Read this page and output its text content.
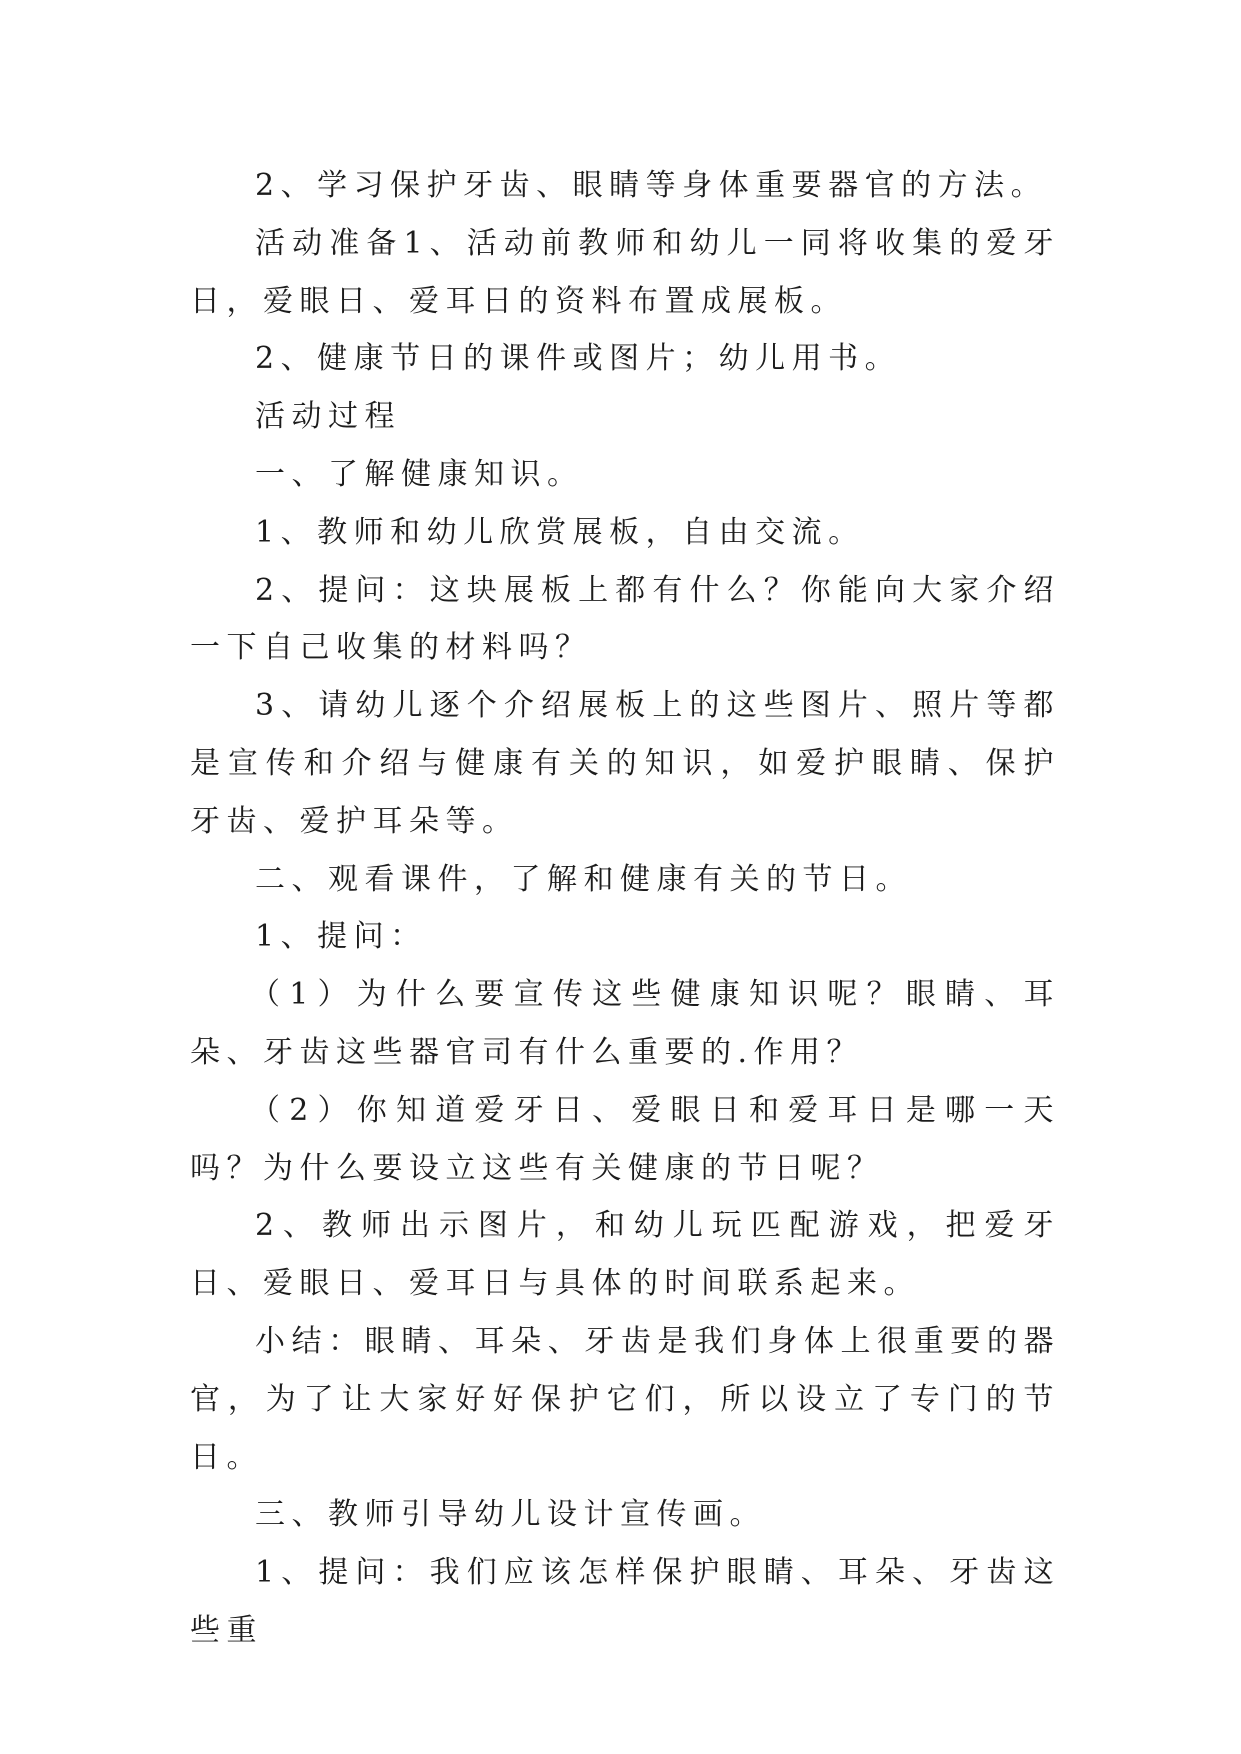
2、学习保护牙齿、眼睛等身体重要器官的方法。

活动准备1、活动前教师和幼儿一同将收集的爱牙日，爱眼日、爱耳日的资料布置成展板。

2、健康节日的课件或图片；幼儿用书。

活动过程

一、了解健康知识。

1、教师和幼儿欣赏展板，自由交流。

2、提问：这块展板上都有什么？你能向大家介绍一下自己收集的材料吗？

3、请幼儿逐个介绍展板上的这些图片、照片等都是宣传和介绍与健康有关的知识，如爱护眼睛、保护牙齿、爱护耳朵等。

二、观看课件，了解和健康有关的节日。

1、提问：

（1）为什么要宣传这些健康知识呢？眼睛、耳朵、牙齿这些器官司有什么重要的.作用？

（2）你知道爱牙日、爱眼日和爱耳日是哪一天吗？为什么要设立这些有关健康的节日呢？

2、教师出示图片，和幼儿玩匹配游戏，把爱牙日、爱眼日、爱耳日与具体的时间联系起来。

小结：眼睛、耳朵、牙齿是我们身体上很重要的器官，为了让大家好好保护它们，所以设立了专门的节日。

三、教师引导幼儿设计宣传画。

1、提问：我们应该怎样保护眼睛、耳朵、牙齿这些重
